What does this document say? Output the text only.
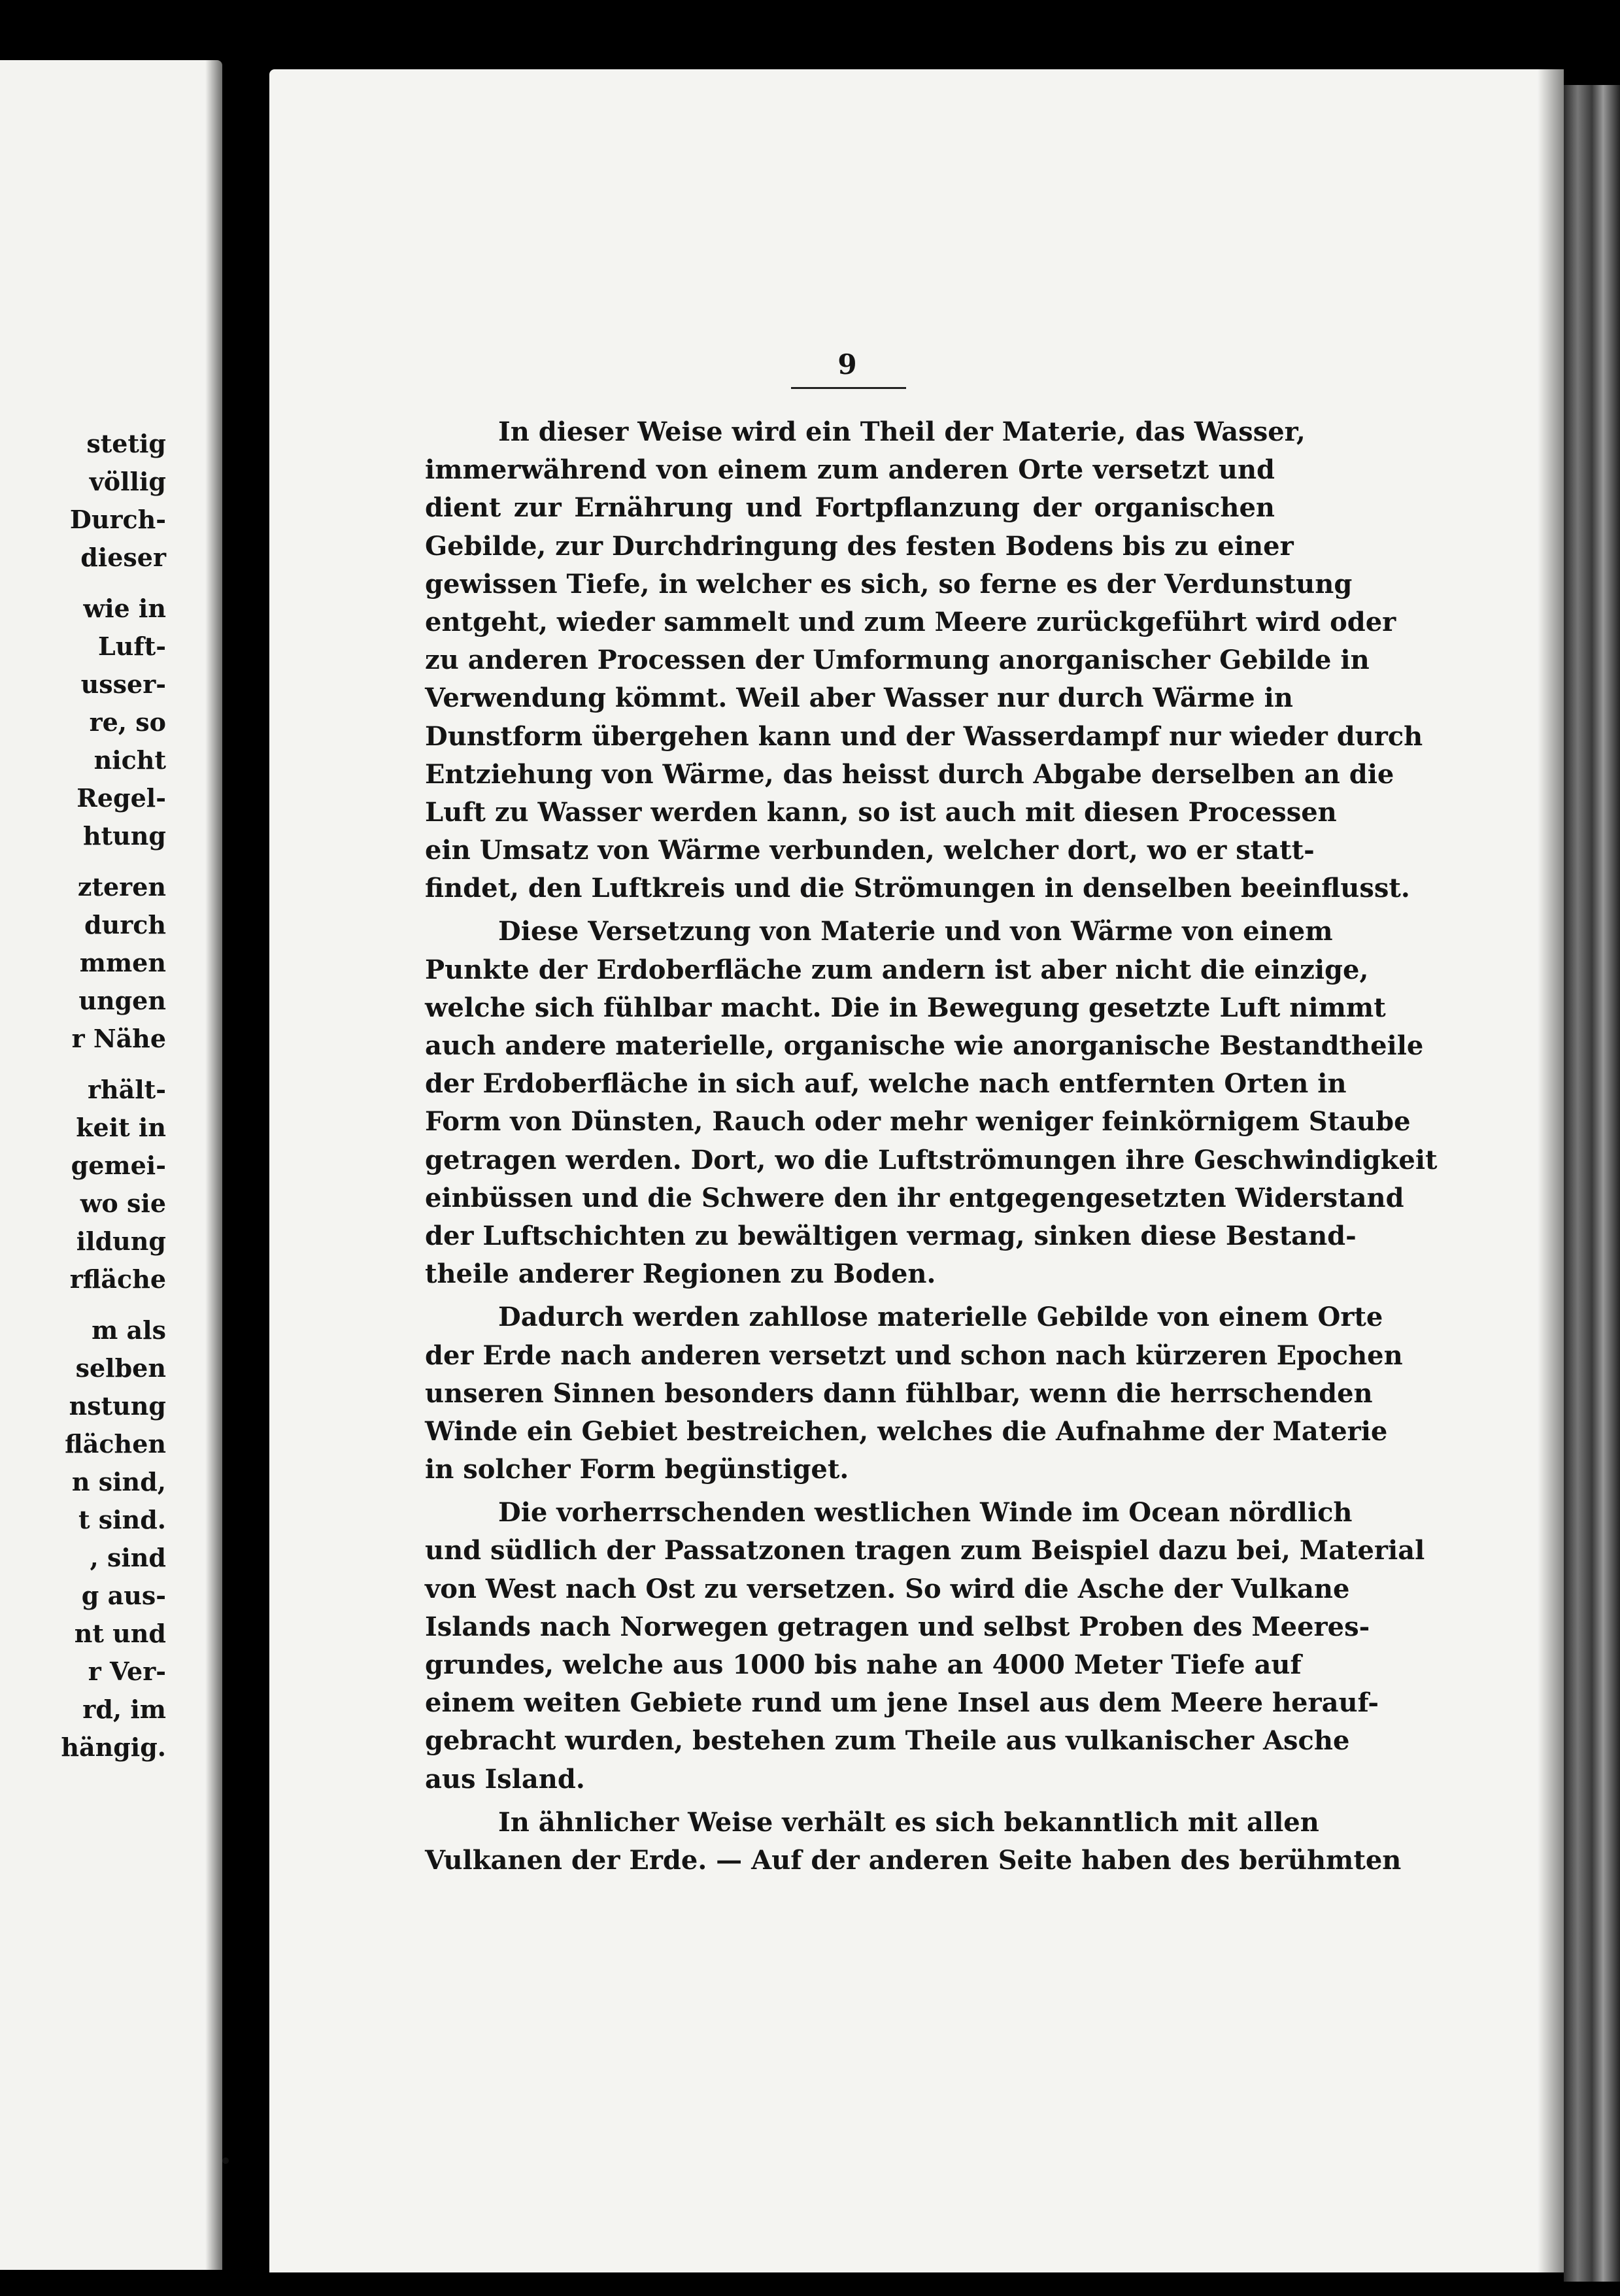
stetig
völlig
Durch-
dieser
wie in
Luft-
usser-
re, so
nicht
Regel-
htung
zteren
durch
mmen
ungen
r Nähe
rhält-
keit in
gemei-
wo sie
ildung
rfläche
m als
selben
nstung
flächen
n sind,
t sind.
, sind
g aus-
nt und
r Ver-
rd, im
hängig.
9
In dieser Weise wird ein Theil der Materie, das Wasser,
immerwährend von einem zum anderen Orte versetzt und
dient zur Ernährung und Fortpflanzung der organischen
Gebilde, zur Durchdringung des festen Bodens bis zu einer
gewissen Tiefe, in welcher es sich, so ferne es der Verdunstung
entgeht, wieder sammelt und zum Meere zurückgeführt wird oder
zu anderen Processen der Umformung anorganischer Gebilde in
Verwendung kömmt. Weil aber Wasser nur durch Wärme in
Dunstform übergehen kann und der Wasserdampf nur wieder durch
Entziehung von Wärme, das heisst durch Abgabe derselben an die
Luft zu Wasser werden kann, so ist auch mit diesen Processen
ein Umsatz von Wärme verbunden, welcher dort, wo er statt-
findet, den Luftkreis und die Strömungen in denselben beeinflusst.
Diese Versetzung von Materie und von Wärme von einem
Punkte der Erdoberfläche zum andern ist aber nicht die einzige,
welche sich fühlbar macht. Die in Bewegung gesetzte Luft nimmt
auch andere materielle, organische wie anorganische Bestandtheile
der Erdoberfläche in sich auf, welche nach entfernten Orten in
Form von Dünsten, Rauch oder mehr weniger feinkörnigem Staube
getragen werden. Dort, wo die Luftströmungen ihre Geschwindigkeit
einbüssen und die Schwere den ihr entgegengesetzten Widerstand
der Luftschichten zu bewältigen vermag, sinken diese Bestand-
theile anderer Regionen zu Boden.
Dadurch werden zahllose materielle Gebilde von einem Orte
der Erde nach anderen versetzt und schon nach kürzeren Epochen
unseren Sinnen besonders dann fühlbar, wenn die herrschenden
Winde ein Gebiet bestreichen, welches die Aufnahme der Materie
in solcher Form begünstiget.
Die vorherrschenden westlichen Winde im Ocean nördlich
und südlich der Passatzonen tragen zum Beispiel dazu bei, Material
von West nach Ost zu versetzen. So wird die Asche der Vulkane
Islands nach Norwegen getragen und selbst Proben des Meeres-
grundes, welche aus 1000 bis nahe an 4000 Meter Tiefe auf
einem weiten Gebiete rund um jene Insel aus dem Meere herauf-
gebracht wurden, bestehen zum Theile aus vulkanischer Asche
aus Island.
In ähnlicher Weise verhält es sich bekanntlich mit allen
Vulkanen der Erde. — Auf der anderen Seite haben des berühmten
